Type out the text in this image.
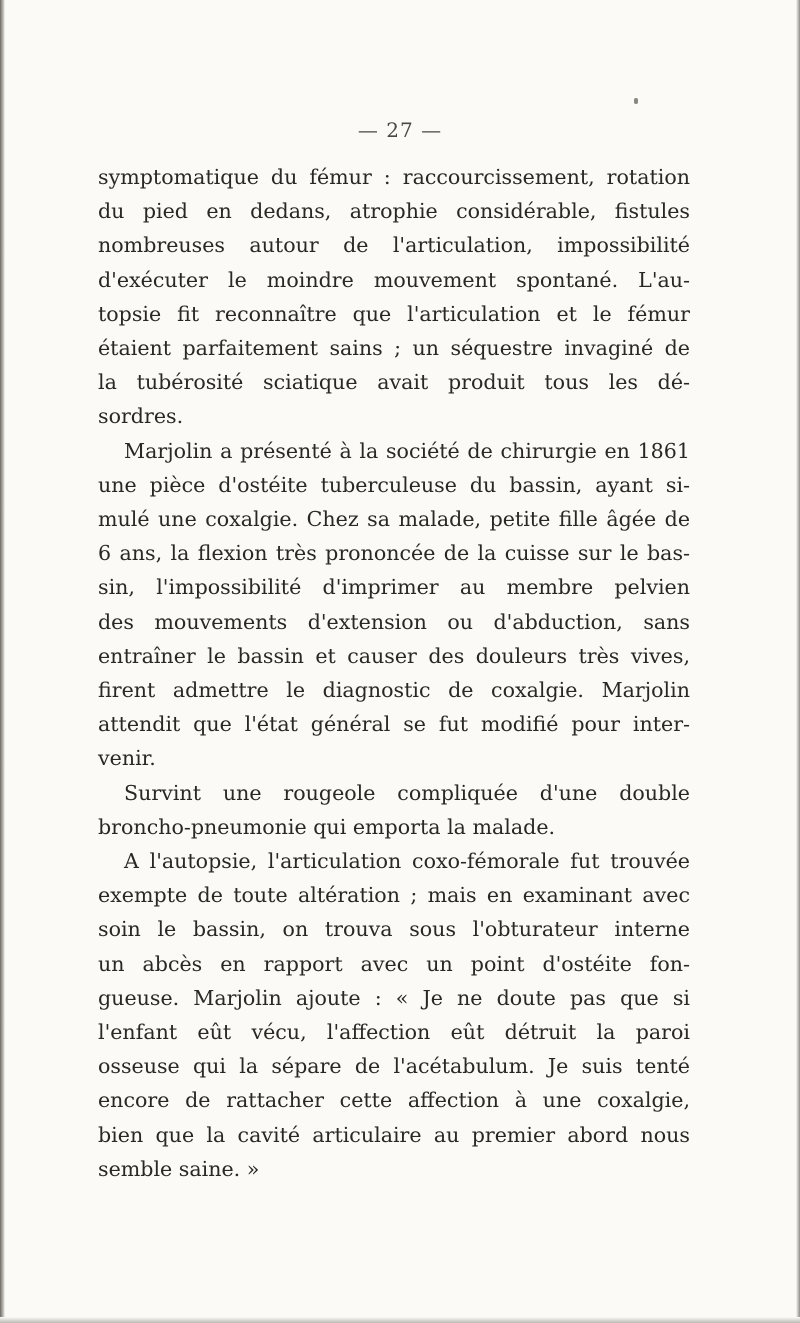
— 27 —
symptomatique du fémur : raccourcissement, rotation
du pied en dedans, atrophie considérable, fistules
nombreuses autour de l'articulation, impossibilité
d'exécuter le moindre mouvement spontané. L'au-
topsie fit reconnaître que l'articulation et le fémur
étaient parfaitement sains ; un séquestre invaginé de
la tubérosité sciatique avait produit tous les dé-
sordres.
Marjolin a présenté à la société de chirurgie en 1861
une pièce d'ostéite tuberculeuse du bassin, ayant si-
mulé une coxalgie. Chez sa malade, petite fille âgée de
6 ans, la flexion très prononcée de la cuisse sur le bas-
sin, l'impossibilité d'imprimer au membre pelvien
des mouvements d'extension ou d'abduction, sans
entraîner le bassin et causer des douleurs très vives,
firent admettre le diagnostic de coxalgie. Marjolin
attendit que l'état général se fut modifié pour inter-
venir.
Survint une rougeole compliquée d'une double
broncho-pneumonie qui emporta la malade.
A l'autopsie, l'articulation coxo-fémorale fut trouvée
exempte de toute altération ; mais en examinant avec
soin le bassin, on trouva sous l'obturateur interne
un abcès en rapport avec un point d'ostéite fon-
gueuse. Marjolin ajoute : « Je ne doute pas que si
l'enfant eût vécu, l'affection eût détruit la paroi
osseuse qui la sépare de l'acétabulum. Je suis tenté
encore de rattacher cette affection à une coxalgie,
bien que la cavité articulaire au premier abord nous
semble saine. »
